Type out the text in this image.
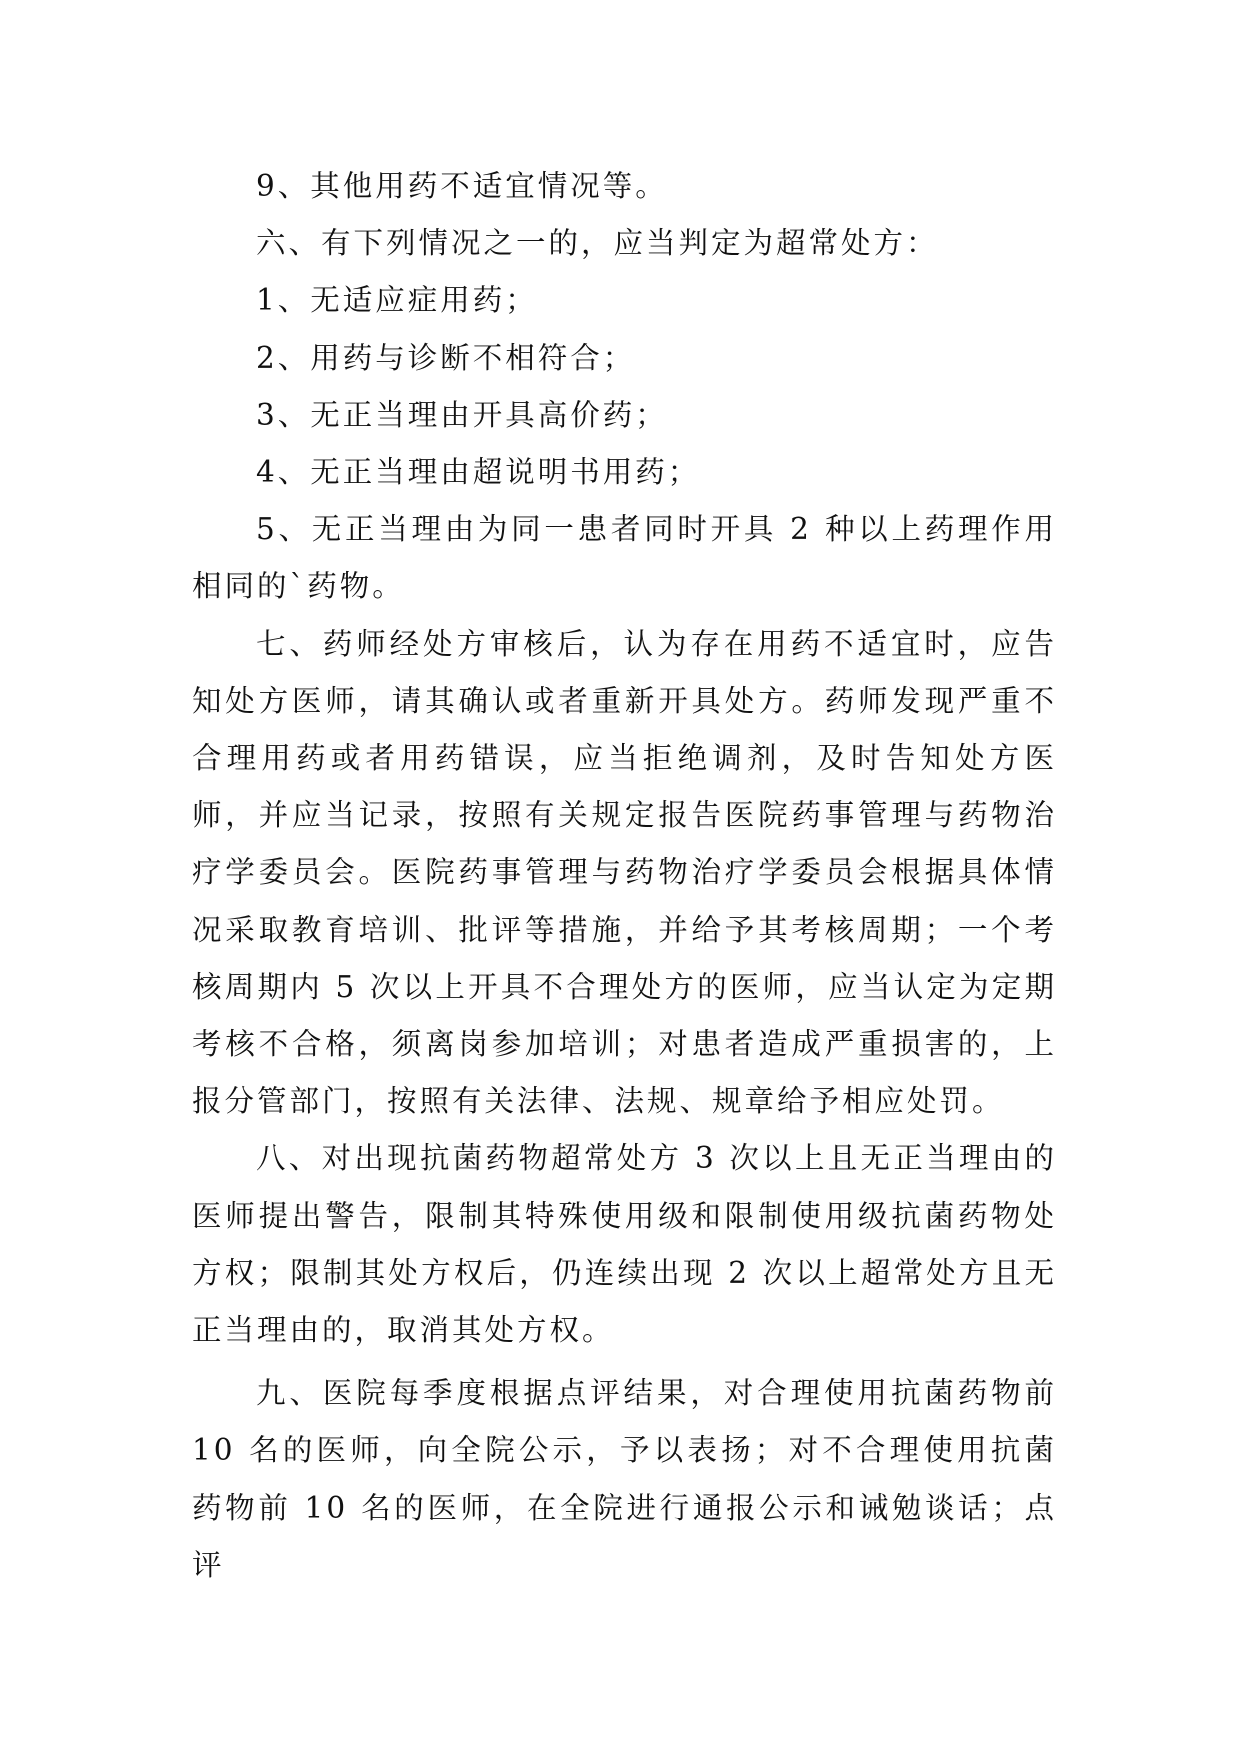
9、其他用药不适宜情况等。

六、有下列情况之一的，应当判定为超常处方：

1、无适应症用药；

2、用药与诊断不相符合；

3、无正当理由开具高价药；

4、无正当理由超说明书用药；

5、无正当理由为同一患者同时开具 2 种以上药理作用相同的`药物。

七、药师经处方审核后，认为存在用药不适宜时，应告知处方医师，请其确认或者重新开具处方。药师发现严重不合理用药或者用药错误，应当拒绝调剂，及时告知处方医师，并应当记录，按照有关规定报告医院药事管理与药物治疗学委员会。医院药事管理与药物治疗学委员会根据具体情况采取教育培训、批评等措施，并给予其考核周期；一个考核周期内 5 次以上开具不合理处方的医师，应当认定为定期考核不合格，须离岗参加培训；对患者造成严重损害的，上报分管部门，按照有关法律、法规、规章给予相应处罚。

八、对出现抗菌药物超常处方 3 次以上且无正当理由的医师提出警告，限制其特殊使用级和限制使用级抗菌药物处方权；限制其处方权后，仍连续出现 2 次以上超常处方且无正当理由的，取消其处方权。

九、医院每季度根据点评结果，对合理使用抗菌药物前 10 名的医师，向全院公示，予以表扬；对不合理使用抗菌药物前 10 名的医师，在全院进行通报公示和诫勉谈话；点评
